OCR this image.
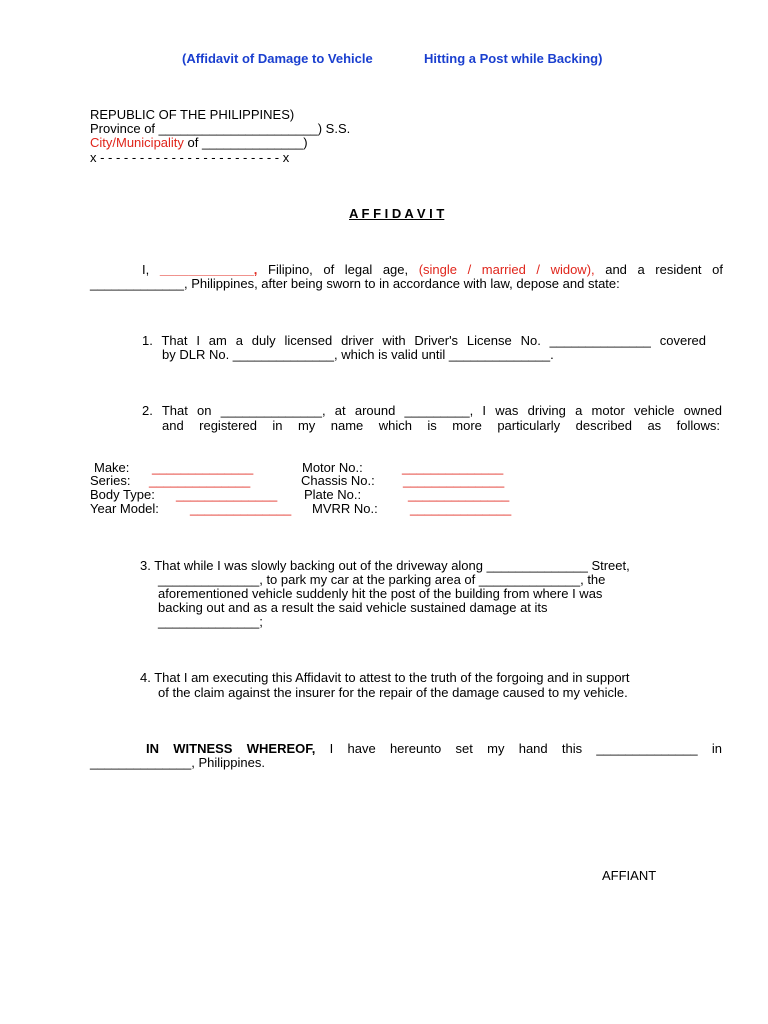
(Affidavit of Damage to Vehicle	Hitting a Post while Backing)
REPUBLIC OF THE PHILIPPINES)
Province of ______________________) S.S.
City/Municipality of ______________)
x - - - - - - - - - - - - - - - - - - - - - - - x
A F F I D A V I T
I, _____________, Filipino, of legal age, (single / married / widow), and a resident of
_____________, Philippines, after being sworn to in accordance with law, depose and state:
1. That I am a duly licensed driver with Driver's License No. ______________ covered
by DLR No. ______________, which is valid until ______________.
2. That on ______________, at around _________, I was driving a motor vehicle owned
and registered in my name which is more particularly described as follows:
Make: ______________	Motor No.:	______________
Series: ______________	Chassis No.: ______________
Body Type: ______________ Plate No.:	______________
Year Model: ______________ MVRR No.: ______________
3. That while I was slowly backing out of the driveway along ______________ Street,
______________, to park my car at the parking area of ______________, the
aforementioned vehicle suddenly hit the post of the building from where I was
backing out and as a result the said vehicle sustained damage at its
______________;
4. That I am executing this Affidavit to attest to the truth of the forgoing and in support
of the claim against the insurer for the repair of the damage caused to my vehicle.
IN WITNESS WHEREOF, I have hereunto set my hand this ______________ in
______________, Philippines.
AFFIANT
